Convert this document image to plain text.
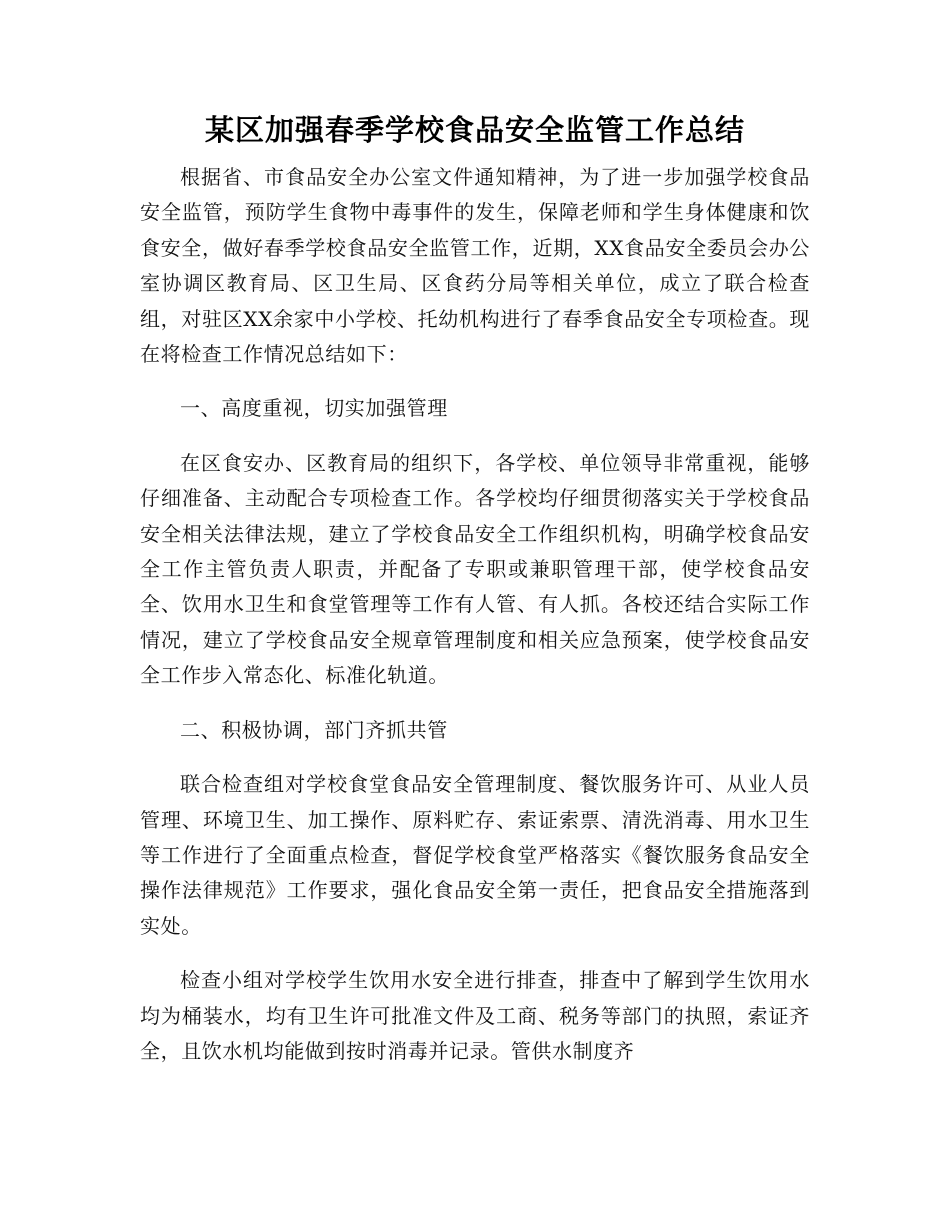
某区加强春季学校食品安全监管工作总结

根据省、市食品安全办公室文件通知精神，为了进一步加强学校食品安全监管，预防学生食物中毒事件的发生，保障老师和学生身体健康和饮食安全，做好春季学校食品安全监管工作，近期，XX食品安全委员会办公室协调区教育局、区卫生局、区食药分局等相关单位，成立了联合检查组，对驻区XX余家中小学校、托幼机构进行了春季食品安全专项检查。现在将检查工作情况总结如下：

一、高度重视，切实加强管理

在区食安办、区教育局的组织下，各学校、单位领导非常重视，能够仔细准备、主动配合专项检查工作。各学校均仔细贯彻落实关于学校食品安全相关法律法规，建立了学校食品安全工作组织机构，明确学校食品安全工作主管负责人职责，并配备了专职或兼职管理干部，使学校食品安全、饮用水卫生和食堂管理等工作有人管、有人抓。各校还结合实际工作情况，建立了学校食品安全规章管理制度和相关应急预案，使学校食品安全工作步入常态化、标准化轨道。

二、积极协调，部门齐抓共管

联合检查组对学校食堂食品安全管理制度、餐饮服务许可、从业人员管理、环境卫生、加工操作、原料贮存、索证索票、清洗消毒、用水卫生等工作进行了全面重点检查，督促学校食堂严格落实《餐饮服务食品安全操作法律规范》工作要求，强化食品安全第一责任，把食品安全措施落到实处。

检查小组对学校学生饮用水安全进行排查，排查中了解到学生饮用水均为桶装水，均有卫生许可批准文件及工商、税务等部门的执照，索证齐全，且饮水机均能做到按时消毒并记录。管供水制度齐
